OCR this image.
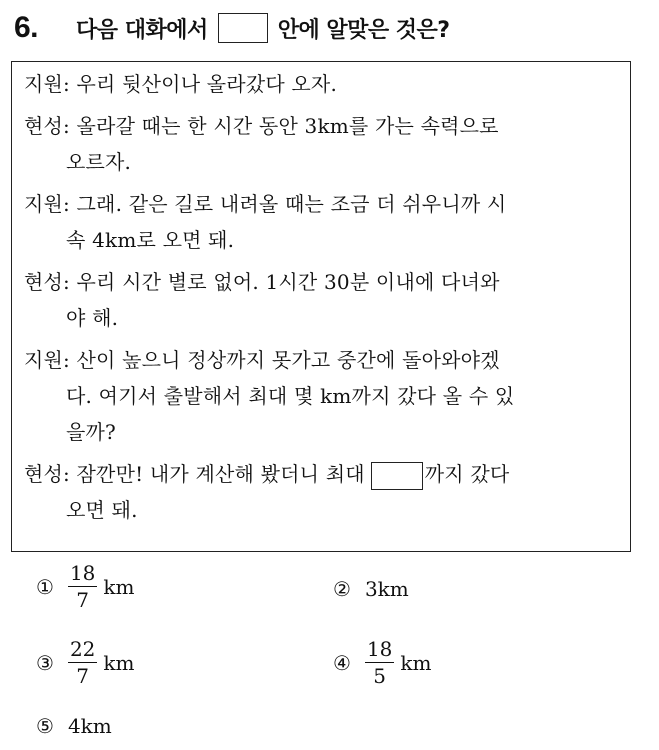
6. 다음 대화에서	안에 알맞은 것은?
지원: 우리 뒷산이나 올라갔다 오자.
현성: 올라갈 때는 한 시간 동안 3km를 가는 속력으로
오르자.
지원: 그래. 같은 길로 내려올 때는 조금 더 쉬우니까 시
속 4km로 오면 돼.
현성: 우리 시간 별로 없어. 1시간 30분 이내에 다녀와
야 해.
지원: 산이 높으니 정상까지 못가고 중간에 돌아와야겠
다. 여기서 출발해서 최대 몇 km까지 갔다 올 수 있
을까?
현성: 잠깐만! 내가 계산해 봤더니 최대	까지 갔다
오면 돼.
① $\frac{18}{7}$ km	② 3km
③ $\frac{22}{7}$ km	④ $\frac{18}{5}$ km
⑤ 4km
